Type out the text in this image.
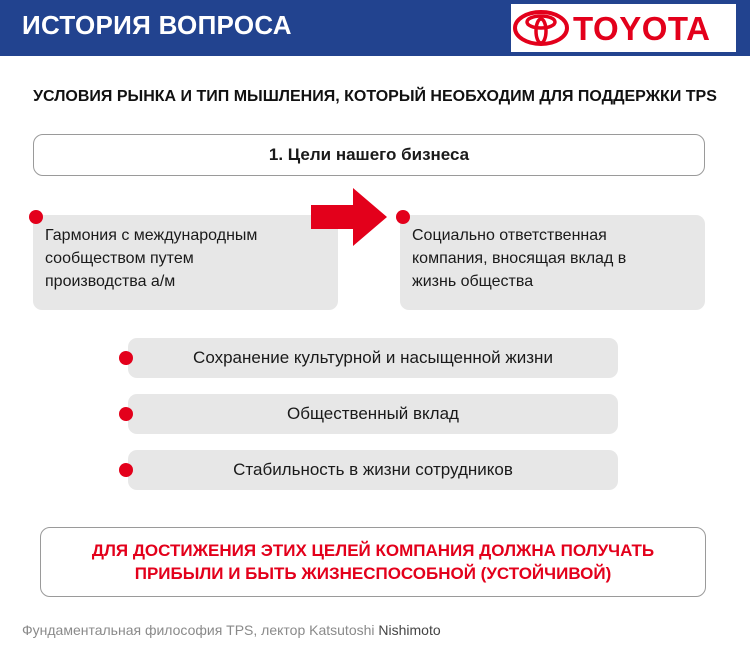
ИСТОРИЯ ВОПРОСА	TOYOTA
УСЛОВИЯ РЫНКА И ТИП МЫШЛЕНИЯ, КОТОРЫЙ НЕОБХОДИМ ДЛЯ ПОДДЕРЖКИ TPS
1. Цели нашего бизнеса
Гармония с международным
сообществом путем
производства а/м
Социально ответственная
компания, вносящая вклад в
жизнь общества
Сохранение культурной и насыщенной жизни
Общественный вклад
Стабильность в жизни сотрудников
ДЛЯ ДОСТИЖЕНИЯ ЭТИХ ЦЕЛЕЙ КОМПАНИЯ ДОЛЖНА ПОЛУЧАТЬ
ПРИБЫЛИ И БЫТЬ ЖИЗНЕСПОСОБНОЙ (УСТОЙЧИВОЙ)
Фундаментальная философия TPS, лектор Katsutoshi Nishimoto
